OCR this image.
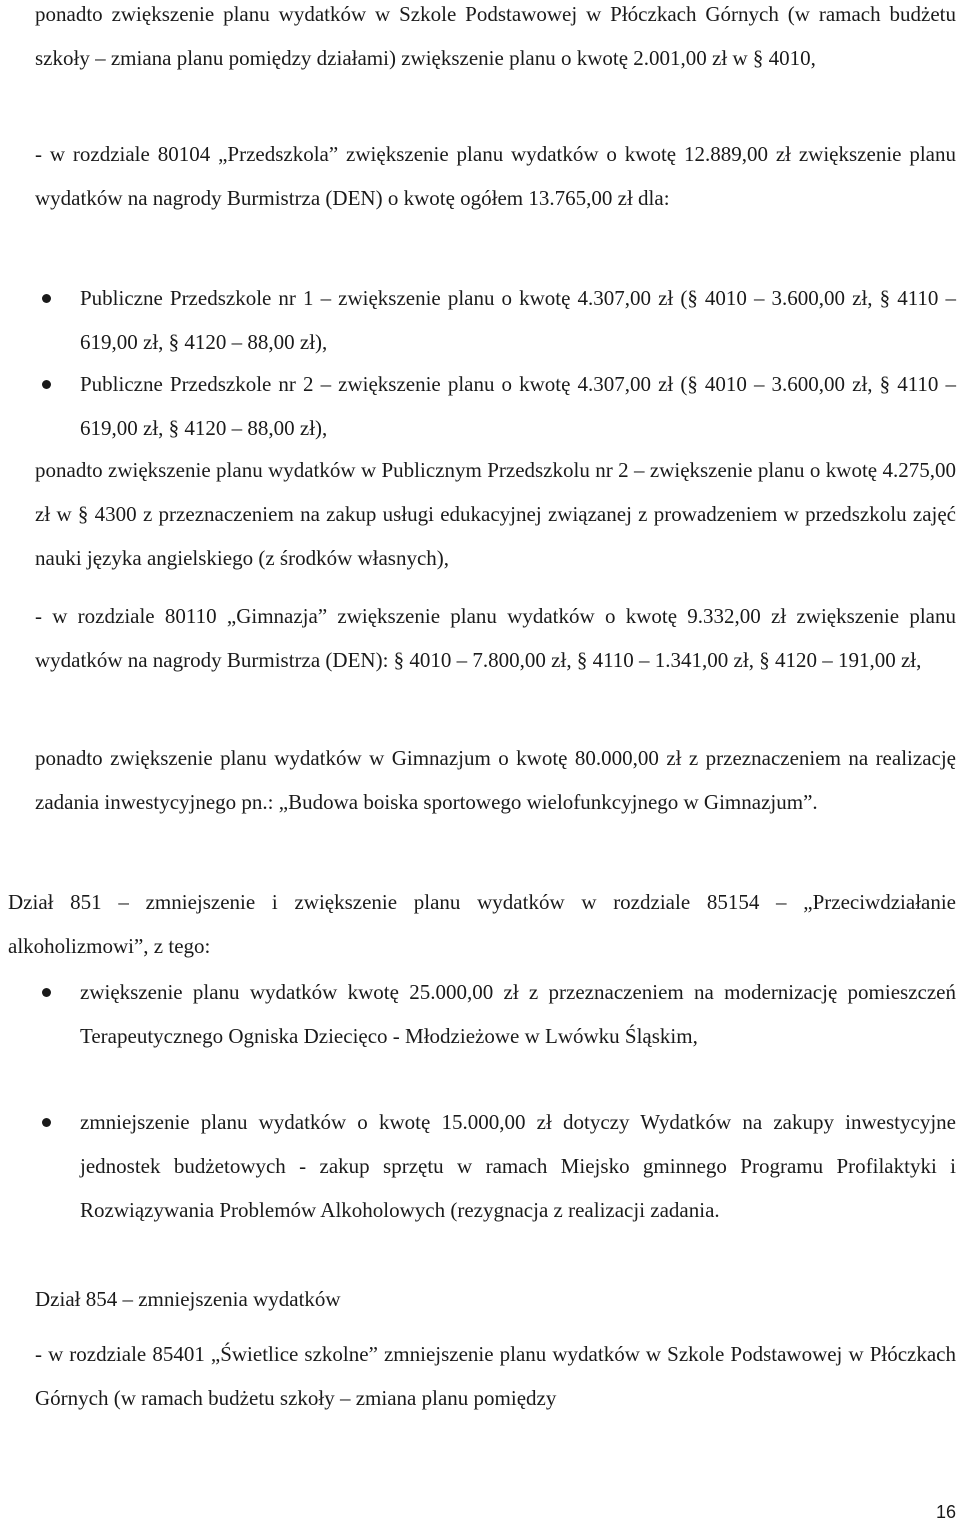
ponadto zwiększenie planu wydatków w Szkole Podstawowej w Płóczkach Górnych (w ramach budżetu szkoły – zmiana planu pomiędzy działami) zwiększenie planu o kwotę 2.001,00 zł w § 4010,

- w rozdziale 80104 „Przedszkola” zwiększenie planu wydatków o kwotę 12.889,00 zł zwiększenie planu wydatków na nagrody Burmistrza (DEN) o kwotę ogółem 13.765,00 zł dla:

Publiczne Przedszkole nr 1 – zwiększenie planu o kwotę 4.307,00 zł (§ 4010 – 3.600,00 zł, § 4110 – 619,00 zł, § 4120 – 88,00 zł),

Publiczne Przedszkole nr 2 – zwiększenie planu o kwotę 4.307,00 zł (§ 4010 – 3.600,00 zł, § 4110 – 619,00 zł, § 4120 – 88,00 zł),

ponadto zwiększenie planu wydatków w Publicznym Przedszkolu nr 2 – zwiększenie planu o kwotę 4.275,00 zł w § 4300 z przeznaczeniem na zakup usługi edukacyjnej związanej z prowadzeniem w przedszkolu zajęć nauki języka angielskiego (z środków własnych),

- w rozdziale 80110 „Gimnazja” zwiększenie planu wydatków o kwotę 9.332,00 zł zwiększenie planu wydatków na nagrody Burmistrza (DEN): § 4010 – 7.800,00 zł, § 4110 – 1.341,00 zł, § 4120 – 191,00 zł,

ponadto zwiększenie planu wydatków w Gimnazjum o kwotę 80.000,00 zł z przeznaczeniem na realizację zadania inwestycyjnego pn.: „Budowa boiska sportowego wielofunkcyjnego w Gimnazjum”.

Dział 851 – zmniejszenie i zwiększenie planu wydatków w rozdziale 85154 – „Przeciwdziałanie alkoholizmowi”, z tego:

zwiększenie planu wydatków kwotę 25.000,00 zł z przeznaczeniem na modernizację pomieszczeń Terapeutycznego Ogniska Dziecięco - Młodzieżowe w Lwówku Śląskim,

zmniejszenie planu wydatków o kwotę 15.000,00 zł dotyczy Wydatków na zakupy inwestycyjne jednostek budżetowych - zakup sprzętu w ramach Miejsko gminnego Programu Profilaktyki i Rozwiązywania Problemów Alkoholowych (rezygnacja z realizacji zadania.

Dział 854 – zmniejszenia wydatków

- w rozdziale 85401 „Świetlice szkolne” zmniejszenie planu wydatków w Szkole Podstawowej w Płóczkach Górnych (w ramach budżetu szkoły – zmiana planu pomiędzy

16
